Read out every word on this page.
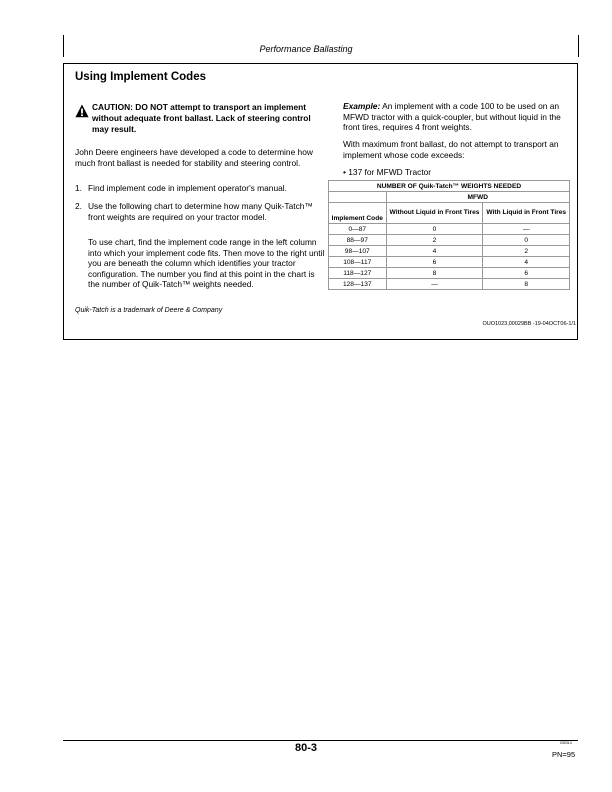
Performance Ballasting
Using Implement Codes
CAUTION: DO NOT attempt to transport an implement without adequate front ballast. Lack of steering control may result.
John Deere engineers have developed a code to determine how much front ballast is needed for stability and steering control.
1. Find implement code in implement operator's manual.
2. Use the following chart to determine how many Quik-Tatch™ front weights are required on your tractor model.
To use chart, find the implement code range in the left column into which your implement code fits. Then move to the right until you are beneath the column which identifies your tractor configuration. The number you find at this point in the chart is the number of Quik-Tatch™ weights needed.
Quik-Tatch is a trademark of Deere & Company
Example: An implement with a code 100 to be used on an MFWD tractor with a quick-coupler, but without liquid in the front tires, requires 4 front weights.
With maximum front ballast, do not attempt to transport an implement whose code exceeds:
• 137 for MFWD Tractor
NUMBER OF Quik-Tatch™ WEIGHTS NEEDED		
	MFWD	
Implement Code	Without Liquid in Front Tires	With Liquid in Front Tires
0—87	0	—
88—97	2	0
98—107	4	2
108—117	6	4
118—127	8	6
128—137	—	8
OUO1023,00029BB -19-04OCT06-1/1
80-3	030314
PN=95
